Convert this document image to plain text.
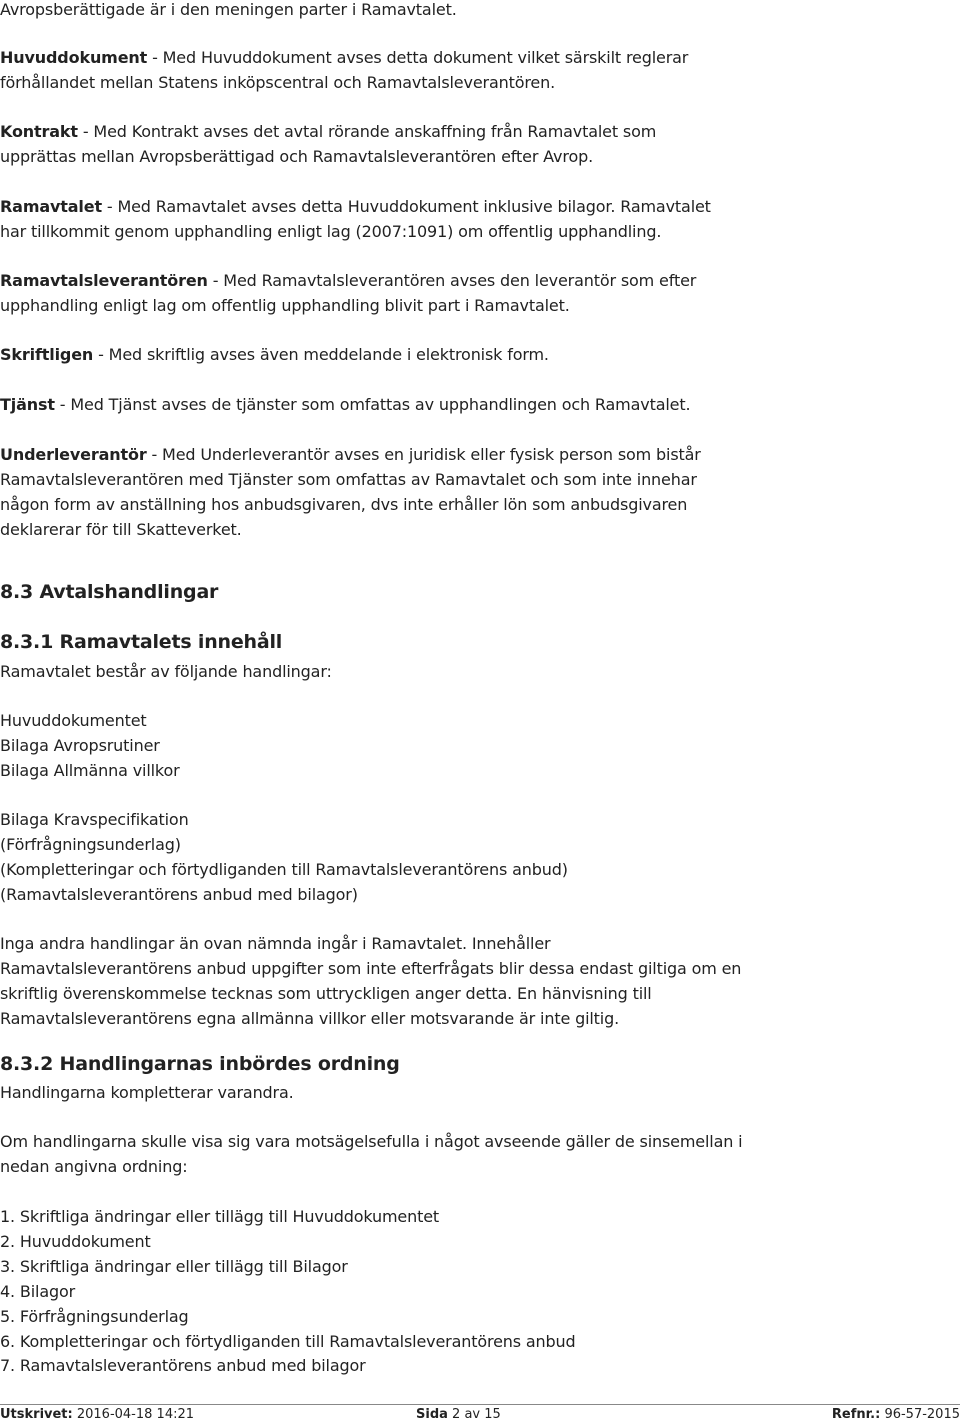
Avropsberättigade är i den meningen parter i Ramavtalet.
Huvuddokument - Med Huvuddokument avses detta dokument vilket särskilt reglerar
förhållandet mellan Statens inköpscentral och Ramavtalsleverantören.
Kontrakt - Med Kontrakt avses det avtal rörande anskaffning från Ramavtalet som
upprättas mellan Avropsberättigad och Ramavtalsleverantören efter Avrop.
Ramavtalet - Med Ramavtalet avses detta Huvuddokument inklusive bilagor. Ramavtalet
har tillkommit genom upphandling enligt lag (2007:1091) om offentlig upphandling.
Ramavtalsleverantören - Med Ramavtalsleverantören avses den leverantör som efter
upphandling enligt lag om offentlig upphandling blivit part i Ramavtalet.
Skriftligen - Med skriftlig avses även meddelande i elektronisk form.
Tjänst - Med Tjänst avses de tjänster som omfattas av upphandlingen och Ramavtalet.
Underleverantör - Med Underleverantör avses en juridisk eller fysisk person som bistår
Ramavtalsleverantören med Tjänster som omfattas av Ramavtalet och som inte innehar
någon form av anställning hos anbudsgivaren, dvs inte erhåller lön som anbudsgivaren
deklarerar för till Skatteverket.
8.3 Avtalshandlingar
8.3.1 Ramavtalets innehåll
Ramavtalet består av följande handlingar:
Huvuddokumentet
Bilaga Avropsrutiner
Bilaga Allmänna villkor
Bilaga Kravspecifikation
(Förfrågningsunderlag)
(Kompletteringar och förtydliganden till Ramavtalsleverantörens anbud)
(Ramavtalsleverantörens anbud med bilagor)
Inga andra handlingar än ovan nämnda ingår i Ramavtalet. Innehåller
Ramavtalsleverantörens anbud uppgifter som inte efterfrågats blir dessa endast giltiga om en
skriftlig överenskommelse tecknas som uttryckligen anger detta. En hänvisning till
Ramavtalsleverantörens egna allmänna villkor eller motsvarande är inte giltig.
8.3.2 Handlingarnas inbördes ordning
Handlingarna kompletterar varandra.
Om handlingarna skulle visa sig vara motsägelsefulla i något avseende gäller de sinsemellan i
nedan angivna ordning:
1. Skriftliga ändringar eller tillägg till Huvuddokumentet
2. Huvuddokument
3. Skriftliga ändringar eller tillägg till Bilagor
4. Bilagor
5. Förfrågningsunderlag
6. Kompletteringar och förtydliganden till Ramavtalsleverantörens anbud
7. Ramavtalsleverantörens anbud med bilagor
Utskrivet: 2016-04-18 14:21	Sida 2 av 15	Refnr.: 96-57-2015
